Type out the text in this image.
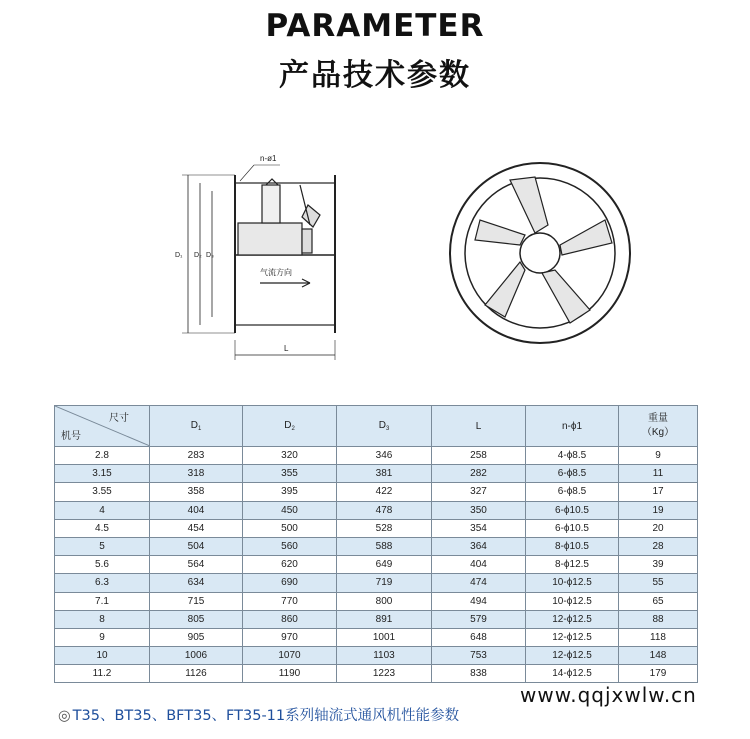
PARAMETER
产品技术参数
n-ø1
D₁ D₂ D₃
气流方向
L
尺寸
机号	$D_1$	$D_2$	$D_3$	L	n-ϕ1	重量
（Kg）
2.8	283	320	346	258	4-ϕ8.5	9
3.15	318	355	381	282	6-ϕ8.5	11
3.55	358	395	422	327	6-ϕ8.5	17
4	404	450	478	350	6-ϕ10.5	19
4.5	454	500	528	354	6-ϕ10.5	20
5	504	560	588	364	8-ϕ10.5	28
5.6	564	620	649	404	8-ϕ12.5	39
6.3	634	690	719	474	10-ϕ12.5	55
7.1	715	770	800	494	10-ϕ12.5	65
8	805	860	891	579	12-ϕ12.5	88
9	905	970	1001	648	12-ϕ12.5	118
10	1006	1070	1103	753	12-ϕ12.5	148
11.2	1126	1190	1223	838	14-ϕ12.5	179
◎ T35、BT35、BFT35、FT35-11系列轴流式通风机性能参数
www.qqjxwlw.cn
